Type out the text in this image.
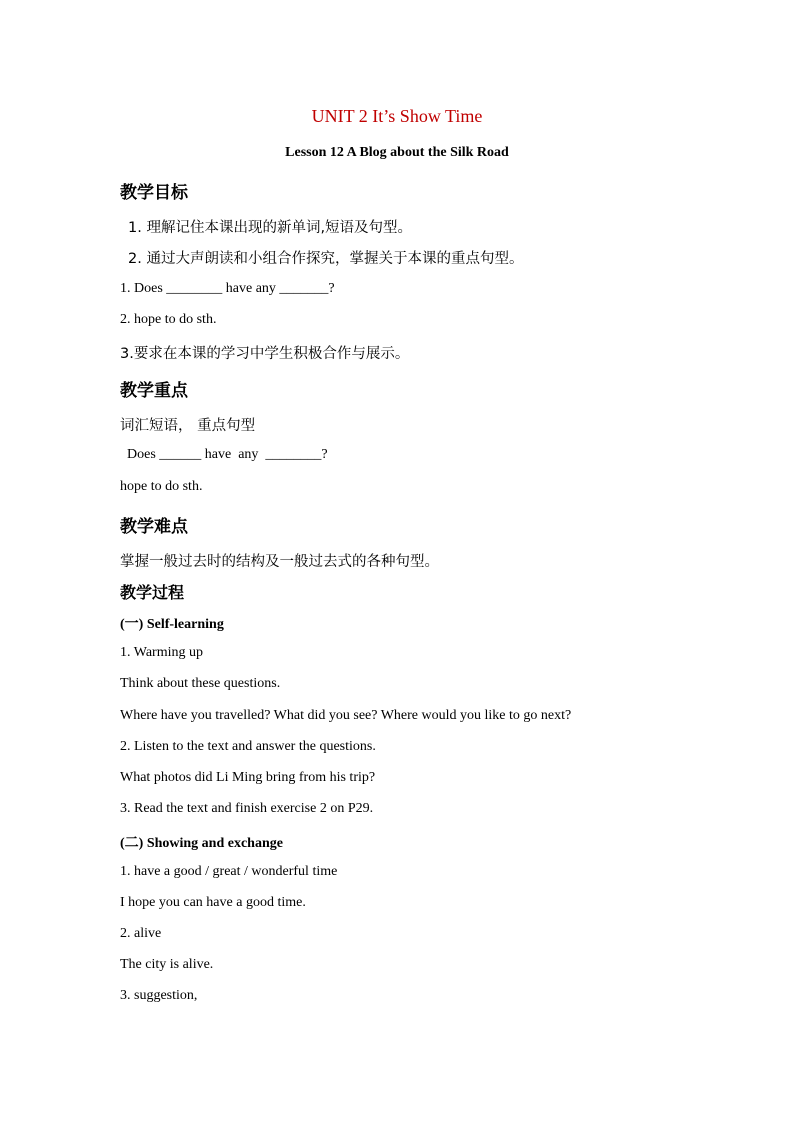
UNIT 2 It’s Show Time
Lesson 12 A Blog about the Silk Road
教学目标
1. 理解记住本课出现的新单词,短语及句型。
2. 通过大声朗读和小组合作探究，掌握关于本课的重点句型。
1. Does ________ have any _______?
2. hope to do sth.
3.要求在本课的学习中学生积极合作与展示。
教学重点
词汇短语， 重点句型
Does ______ have  any  ________?
hope to do sth.
教学难点
掌握一般过去时的结构及一般过去式的各种句型。
教学过程
(一) Self-learning
1. Warming up
Think about these questions.
Where have you travelled? What did you see? Where would you like to go next?
2. Listen to the text and answer the questions.
What photos did Li Ming bring from his trip?
3. Read the text and finish exercise 2 on P29.
(二) Showing and exchange
1. have a good / great / wonderful time
I hope you can have a good time.
2. alive
The city is alive.
3. suggestion,
